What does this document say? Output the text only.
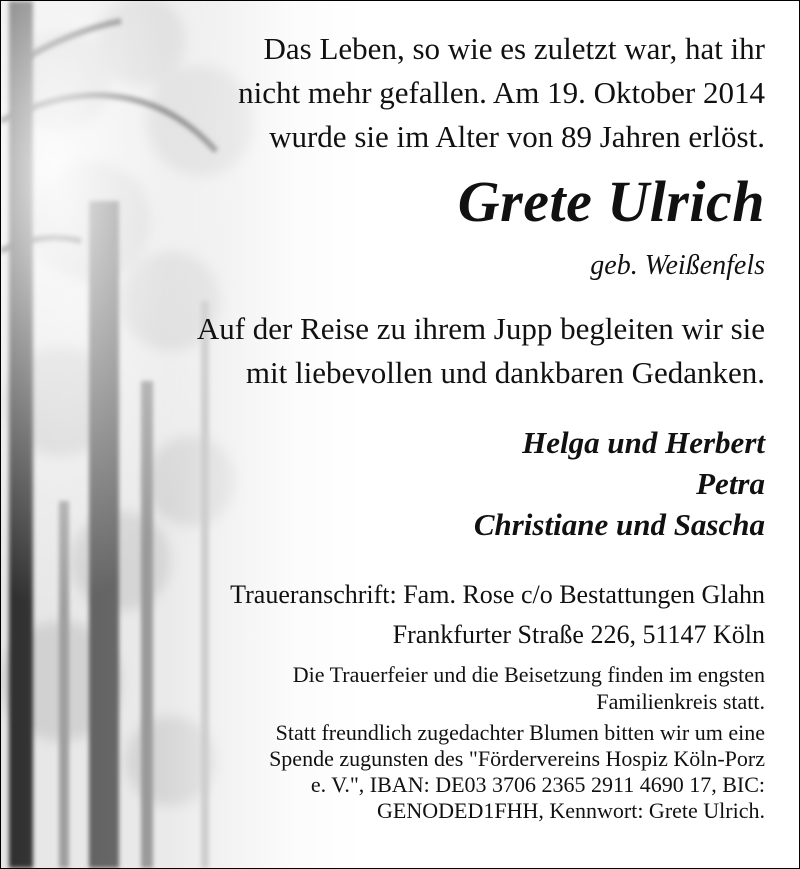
Das Leben, so wie es zuletzt war, hat ihr
nicht mehr gefallen. Am 19. Oktober 2014
wurde sie im Alter von 89 Jahren erlöst.
Grete Ulrich
geb. Weißenfels
Auf der Reise zu ihrem Jupp begleiten wir sie
mit liebevollen und dankbaren Gedanken.
Helga und Herbert
Petra
Christiane und Sascha
Traueranschrift: Fam. Rose c/o Bestattungen Glahn
Frankfurter Straße 226, 51147 Köln
Die Trauerfeier und die Beisetzung finden im engsten
Familienkreis statt.
Statt freundlich zugedachter Blumen bitten wir um eine
Spende zugunsten des "Fördervereins Hospiz Köln-Porz
e. V.", IBAN: DE03 3706 2365 2911 4690 17, BIC:
GENODED1FHH, Kennwort: Grete Ulrich.
